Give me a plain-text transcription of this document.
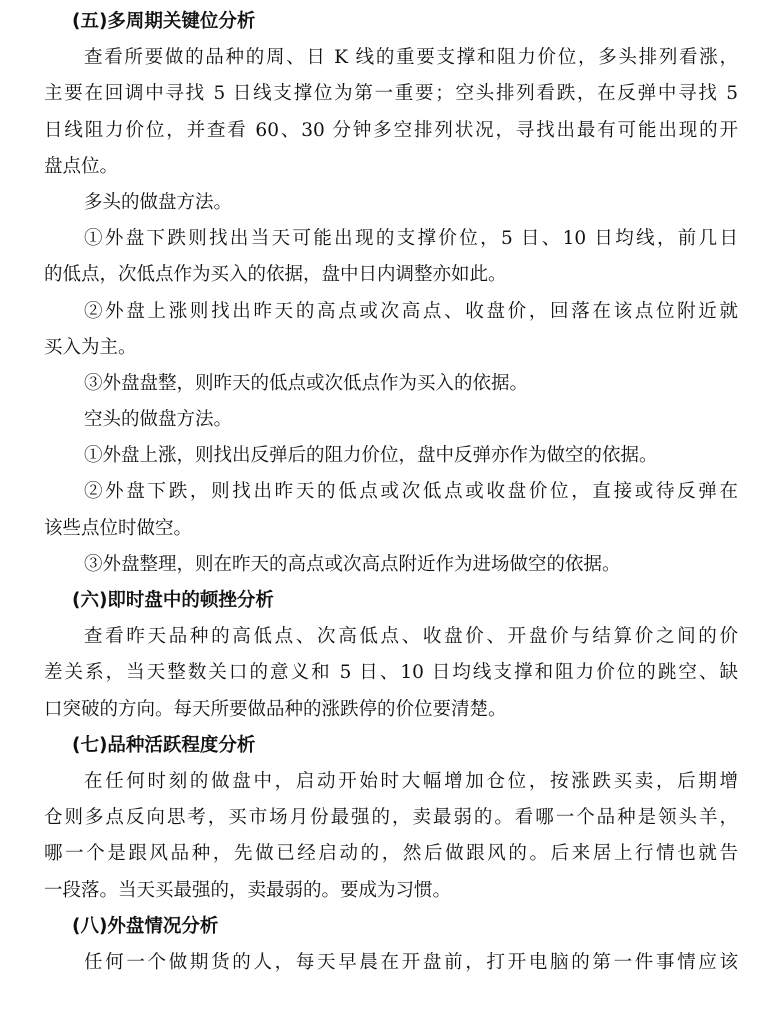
(五)多周期关键位分析
查看所要做的品种的周、日 K 线的重要支撑和阻力价位，多头排列看涨，
主要在回调中寻找 5 日线支撑位为第一重要；空头排列看跌，在反弹中寻找 5
日线阻力价位，并查看 60、30 分钟多空排列状况，寻找出最有可能出现的开
盘点位。
多头的做盘方法。
①外盘下跌则找出当天可能出现的支撑价位，5 日、10 日均线，前几日
的低点，次低点作为买入的依据，盘中日内调整亦如此。
②外盘上涨则找出昨天的高点或次高点、收盘价，回落在该点位附近就
买入为主。
③外盘盘整，则昨天的低点或次低点作为买入的依据。
空头的做盘方法。
①外盘上涨，则找出反弹后的阻力价位，盘中反弹亦作为做空的依据。
②外盘下跌，则找出昨天的低点或次低点或收盘价位，直接或待反弹在
该些点位时做空。
③外盘整理，则在昨天的高点或次高点附近作为进场做空的依据。
(六)即时盘中的顿挫分析
查看昨天品种的高低点、次高低点、收盘价、开盘价与结算价之间的价
差关系，当天整数关口的意义和 5 日、10 日均线支撑和阻力价位的跳空、缺
口突破的方向。每天所要做品种的涨跌停的价位要清楚。
(七)品种活跃程度分析
在任何时刻的做盘中，启动开始时大幅增加仓位，按涨跌买卖，后期增
仓则多点反向思考，买市场月份最强的，卖最弱的。看哪一个品种是领头羊，
哪一个是跟风品种，先做已经启动的，然后做跟风的。后来居上行情也就告
一段落。当天买最强的，卖最弱的。要成为习惯。
(八)外盘情况分析
任何一个做期货的人，每天早晨在开盘前，打开电脑的第一件事情应该
